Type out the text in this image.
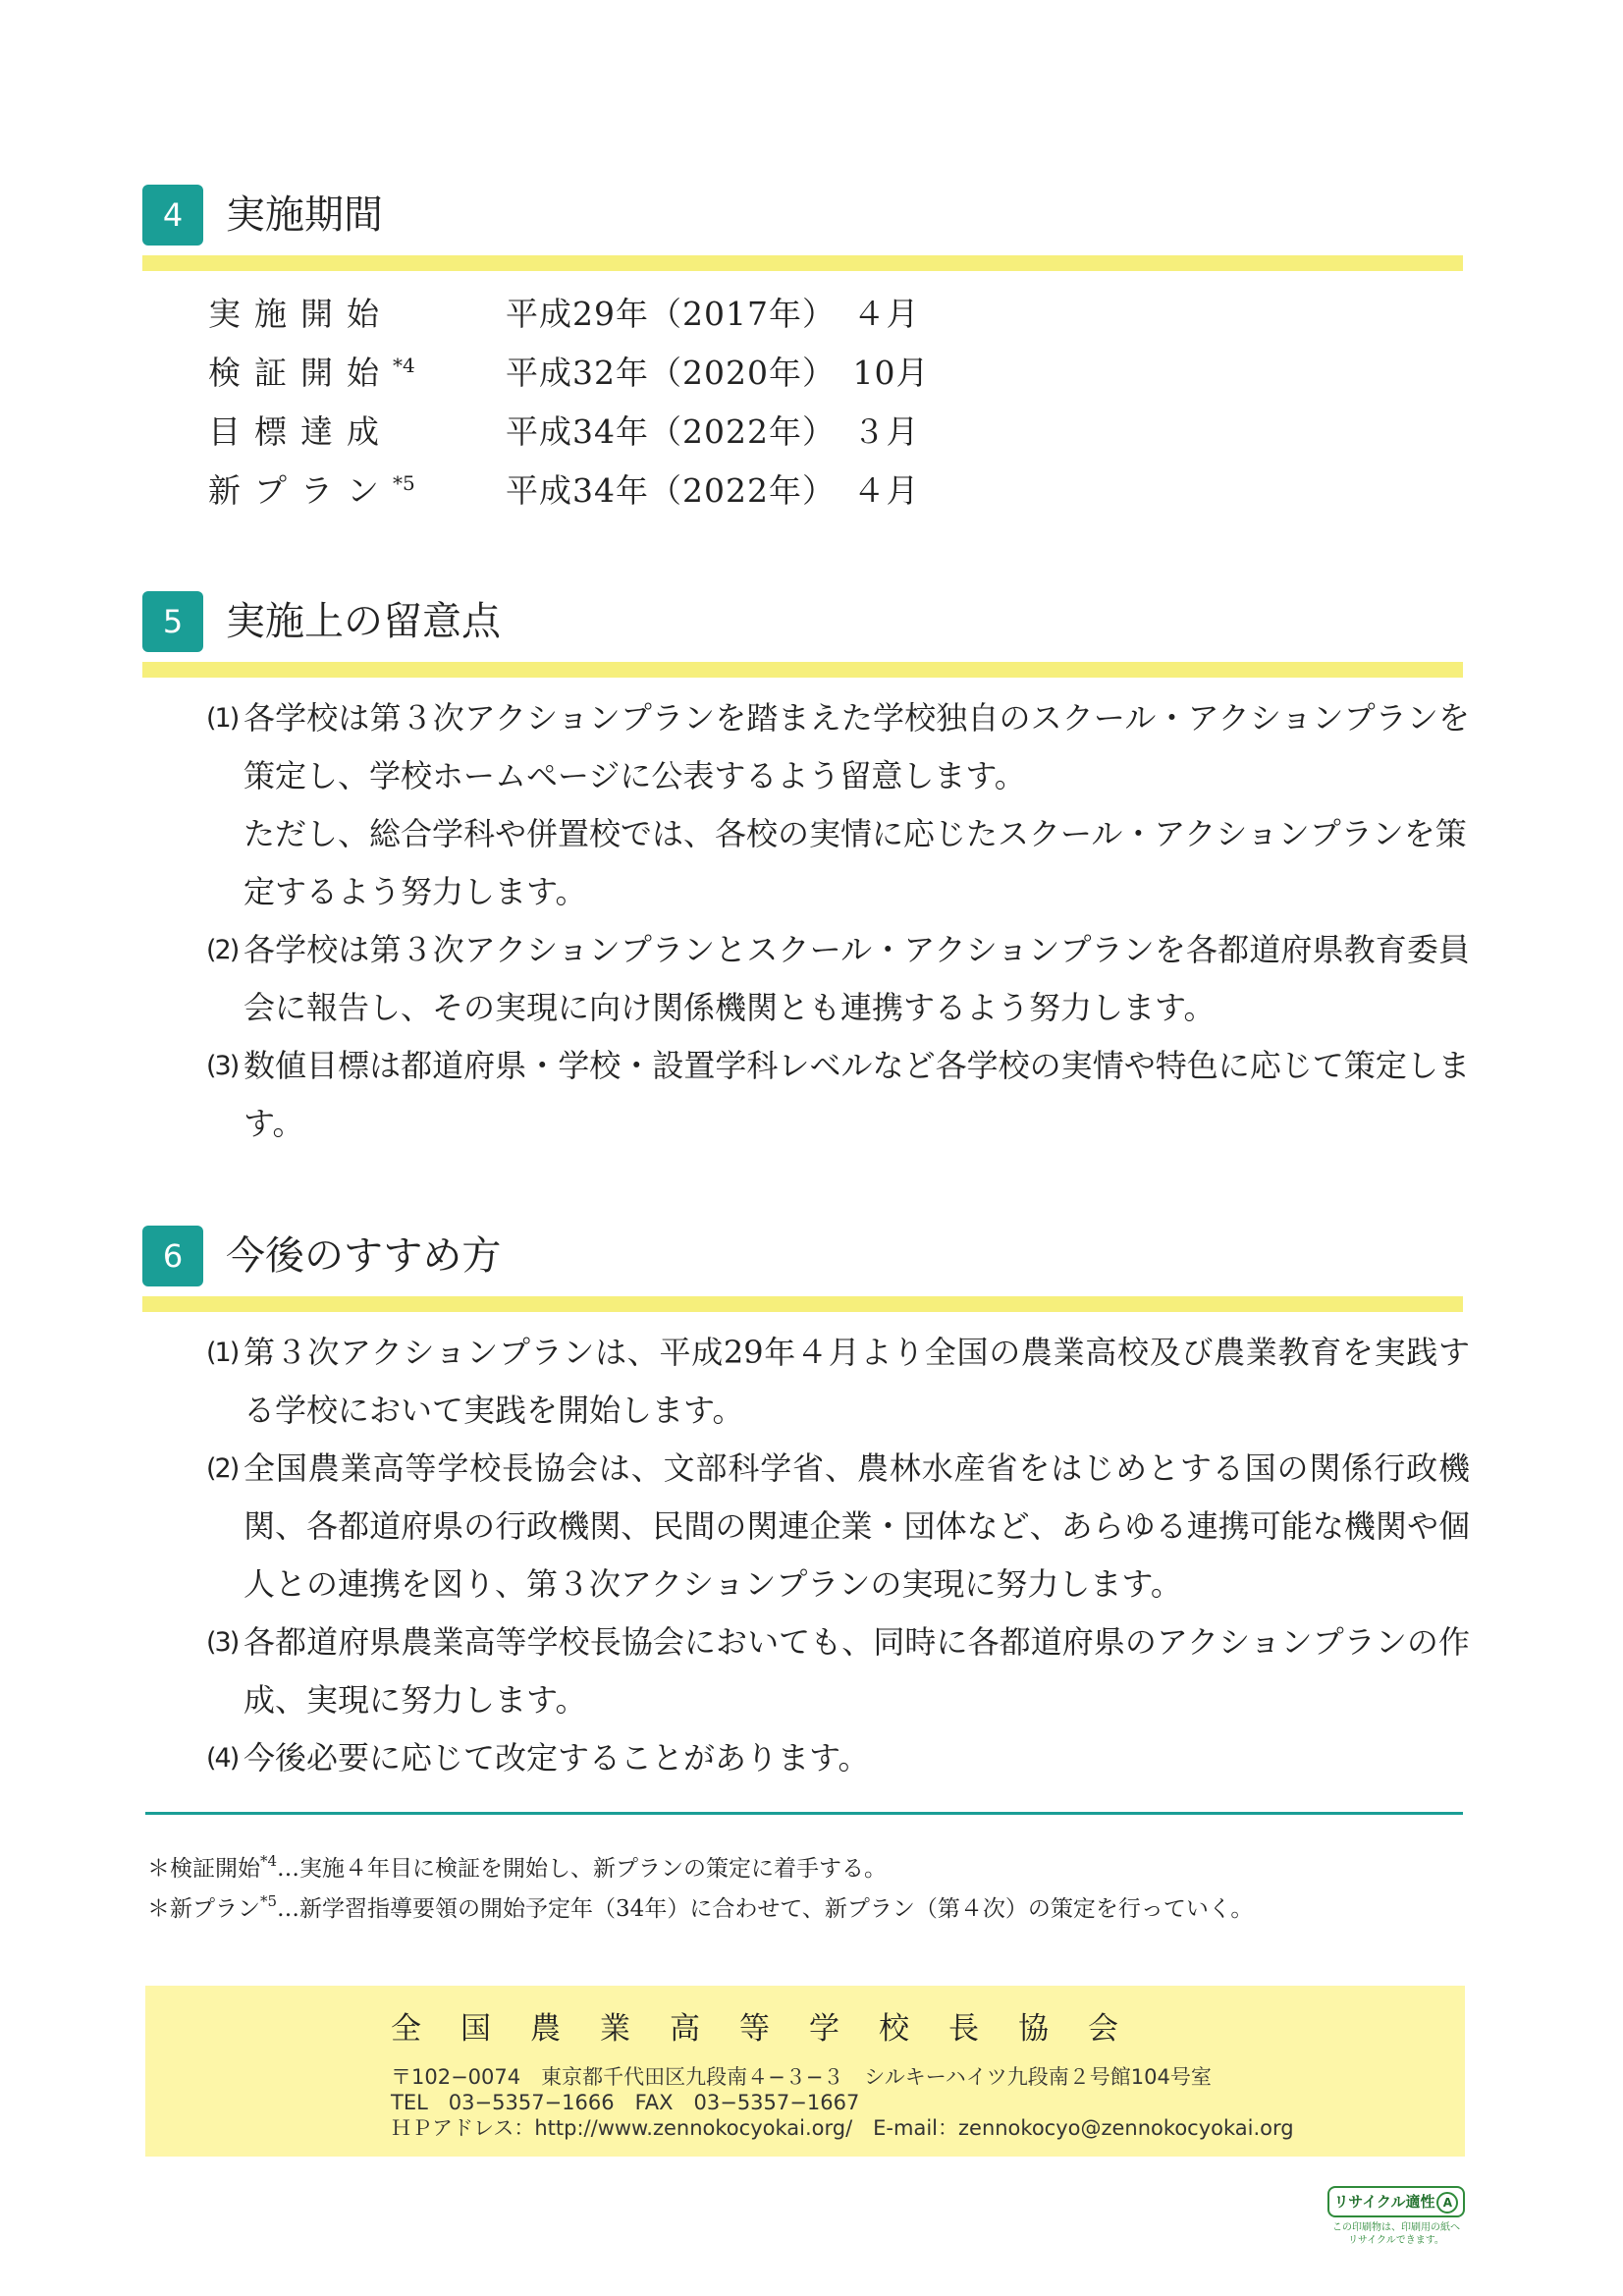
4	実施期間
実施開始	平成29年（2017年）　４月
検証開始$^{*4}$	平成32年（2020年）　10月
目標達成	平成34年（2022年）　３月
新プラン$^{*5}$	平成34年（2022年）　４月
5	実施上の留意点
(1) 各学校は第３次アクションプランを踏まえた学校独自のスクール・アクションプランを策定し、学校ホームページに公表するよう留意します。
ただし、総合学科や併置校では、各校の実情に応じたスクール・アクションプランを策定するよう努力します。
(2) 各学校は第３次アクションプランとスクール・アクションプランを各都道府県教育委員会に報告し、その実現に向け関係機関とも連携するよう努力します。
(3) 数値目標は都道府県・学校・設置学科レベルなど各学校の実情や特色に応じて策定します。
6	今後のすすめ方
(1) 第３次アクションプランは、平成29年４月より全国の農業高校及び農業教育を実践する学校において実践を開始します。
(2) 全国農業高等学校長協会は、文部科学省、農林水産省をはじめとする国の関係行政機関、各都道府県の行政機関、民間の関連企業・団体など、あらゆる連携可能な機関や個人との連携を図り、第３次アクションプランの実現に努力します。
(3) 各都道府県農業高等学校長協会においても、同時に各都道府県のアクションプランの作成、実現に努力します。
(4) 今後必要に応じて改定することがあります。
＊検証開始$^{*4}$…実施４年目に検証を開始し、新プランの策定に着手する。
＊新プラン$^{*5}$…新学習指導要領の開始予定年（34年）に合わせて、新プラン（第４次）の策定を行っていく。
全国農業高等学校長協会
〒102−0074　東京都千代田区九段南４−３−３　シルキーハイツ九段南２号館104号室
TEL　03−5357−1666　FAX　03−5357−1667
ＨＰアドレス：http://www.zennokocyokai.org/　E-mail：zennokocyo@zennokocyokai.org
リサイクル適性 A
この印刷物は、印刷用の紙へ
リサイクルできます。
